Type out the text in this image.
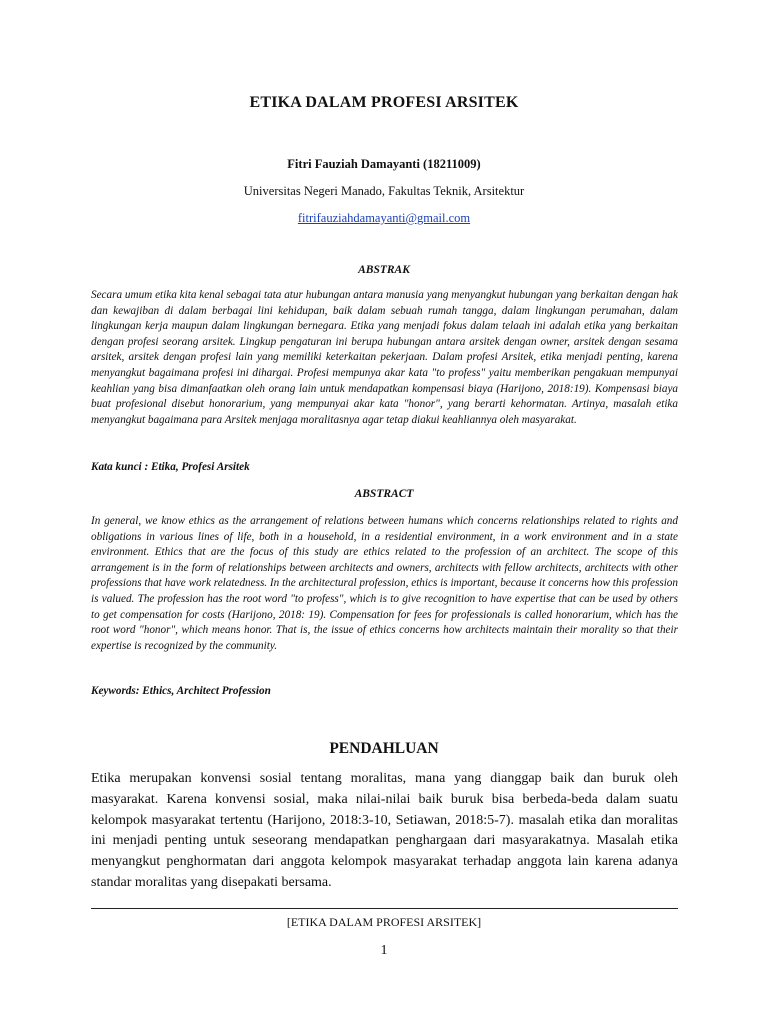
ETIKA DALAM PROFESI ARSITEK
Fitri Fauziah Damayanti (18211009)
Universitas Negeri Manado, Fakultas Teknik, Arsitektur
fitrifauziahdamayanti@gmail.com
ABSTRAK

Secara umum etika kita kenal sebagai tata atur hubungan antara manusia yang menyangkut hubungan yang berkaitan dengan hak dan kewajiban di dalam berbagai lini kehidupan, baik dalam sebuah rumah tangga, dalam lingkungan perumahan, dalam lingkungan kerja maupun dalam lingkungan bernegara. Etika yang menjadi fokus dalam telaah ini adalah etika yang berkaitan dengan profesi seorang arsitek. Lingkup pengaturan ini berupa hubungan antara arsitek dengan owner, arsitek dengan sesama arsitek, arsitek dengan profesi lain yang memiliki keterkaitan pekerjaan. Dalam profesi Arsitek, etika menjadi penting, karena menyangkut bagaimana profesi ini dihargai. Profesi mempunya akar kata "to profess" yaitu memberikan pengakuan mempunyai keahlian yang bisa dimanfaatkan oleh orang lain untuk mendapatkan kompensasi biaya (Harijono, 2018:19). Kompensasi biaya buat profesional disebut honorarium, yang mempunyai akar kata "honor", yang berarti kehormatan. Artinya, masalah etika menyangkut bagaimana para Arsitek menjaga moralitasnya agar tetap diakui keahliannya oleh masyarakat.

Kata kunci : Etika, Profesi Arsitek
ABSTRACT

In general, we know ethics as the arrangement of relations between humans which concerns relationships related to rights and obligations in various lines of life, both in a household, in a residential environment, in a work environment and in a state environment. Ethics that are the focus of this study are ethics related to the profession of an architect. The scope of this arrangement is in the form of relationships between architects and owners, architects with fellow architects, architects with other professions that have work relatedness. In the architectural profession, ethics is important, because it concerns how this profession is valued. The profession has the root word "to profess", which is to give recognition to have expertise that can be used by others to get compensation for costs (Harijono, 2018: 19). Compensation for fees for professionals is called honorarium, which has the root word "honor", which means honor. That is, the issue of ethics concerns how architects maintain their morality so that their expertise is recognized by the community.

Keywords: Ethics, Architect Profession
PENDAHLUAN

Etika merupakan konvensi sosial tentang moralitas, mana yang dianggap baik dan buruk oleh masyarakat. Karena konvensi sosial, maka nilai-nilai baik buruk bisa berbeda-beda dalam suatu kelompok masyarakat tertentu (Harijono, 2018:3-10, Setiawan, 2018:5-7). masalah etika dan moralitas ini menjadi penting untuk seseorang mendapatkan penghargaan dari masyarakatnya. Masalah etika menyangkut penghormatan dari anggota kelompok masyarakat terhadap anggota lain karena adanya standar moralitas yang disepakati bersama.

[ETIKA DALAM PROFESI ARSITEK]
1
